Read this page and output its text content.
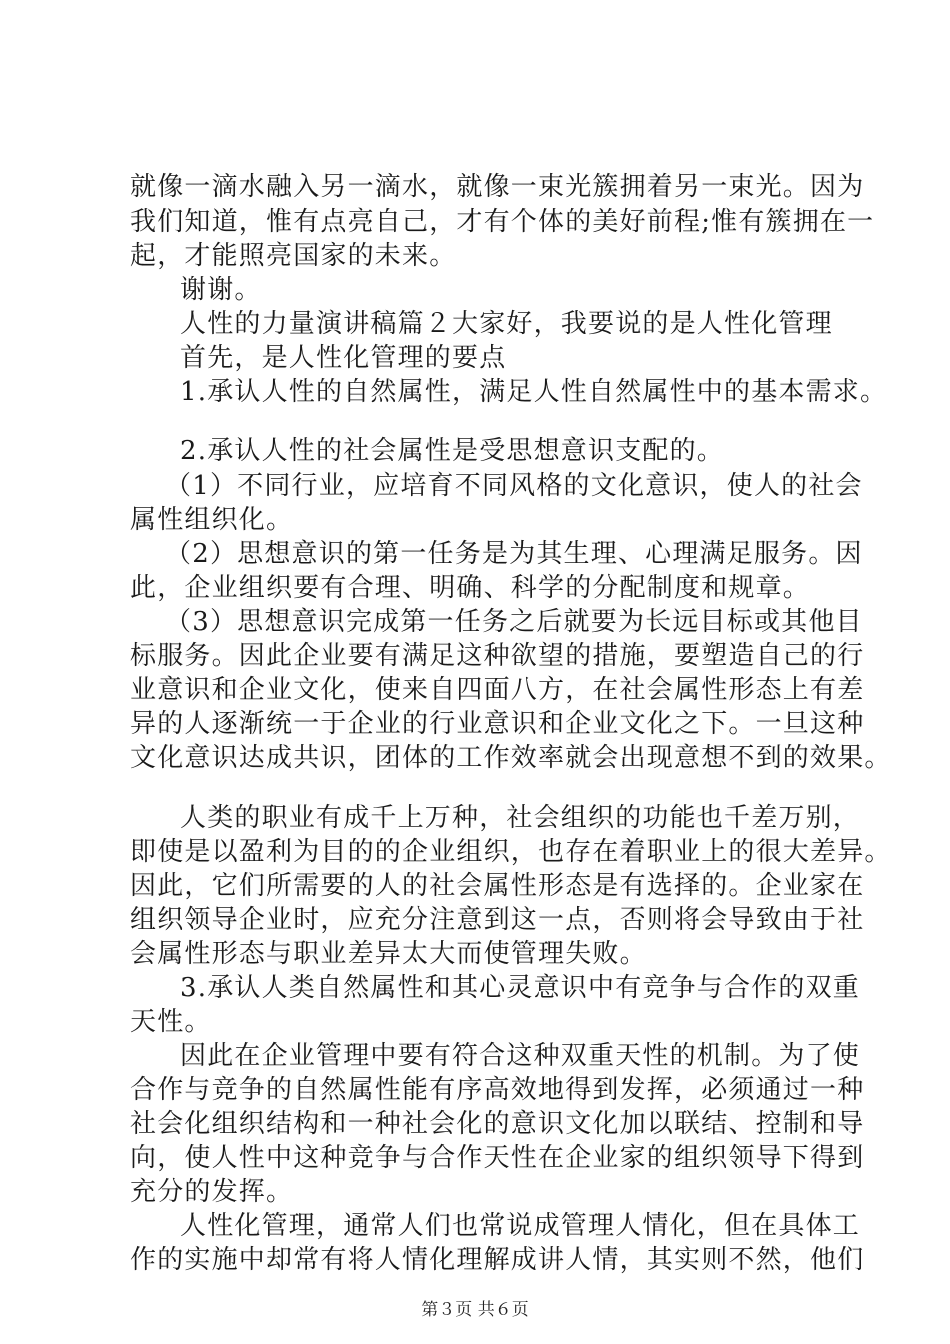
就像一滴水融入另一滴水，就像一束光簇拥着另一束光。因为
我们知道，惟有点亮自己，才有个体的美好前程;惟有簇拥在一
起，才能照亮国家的未来。
谢谢。
人性的力量演讲稿篇２大家好，我要说的是人性化管理
首先，是人性化管理的要点
1.承认人性的自然属性，满足人性自然属性中的基本需求。
2.承认人性的社会属性是受思想意识支配的。
（1）不同行业，应培育不同风格的文化意识，使人的社会
属性组织化。
（2）思想意识的第一任务是为其生理、心理满足服务。因
此，企业组织要有合理、明确、科学的分配制度和规章。
（3）思想意识完成第一任务之后就要为长远目标或其他目
标服务。因此企业要有满足这种欲望的措施，要塑造自己的行
业意识和企业文化，使来自四面八方，在社会属性形态上有差
异的人逐渐统一于企业的行业意识和企业文化之下。一旦这种
文化意识达成共识，团体的工作效率就会出现意想不到的效果。
人类的职业有成千上万种，社会组织的功能也千差万别，
即使是以盈利为目的的企业组织，也存在着职业上的很大差异。
因此，它们所需要的人的社会属性形态是有选择的。企业家在
组织领导企业时，应充分注意到这一点，否则将会导致由于社
会属性形态与职业差异太大而使管理失败。
3.承认人类自然属性和其心灵意识中有竞争与合作的双重
天性。
因此在企业管理中要有符合这种双重天性的机制。为了使
合作与竞争的自然属性能有序高效地得到发挥，必须通过一种
社会化组织结构和一种社会化的意识文化加以联结、控制和导
向，使人性中这种竞争与合作天性在企业家的组织领导下得到
充分的发挥。
人性化管理，通常人们也常说成管理人情化，但在具体工
作的实施中却常有将人情化理解成讲人情，其实则不然，他们
第３页 共６页
